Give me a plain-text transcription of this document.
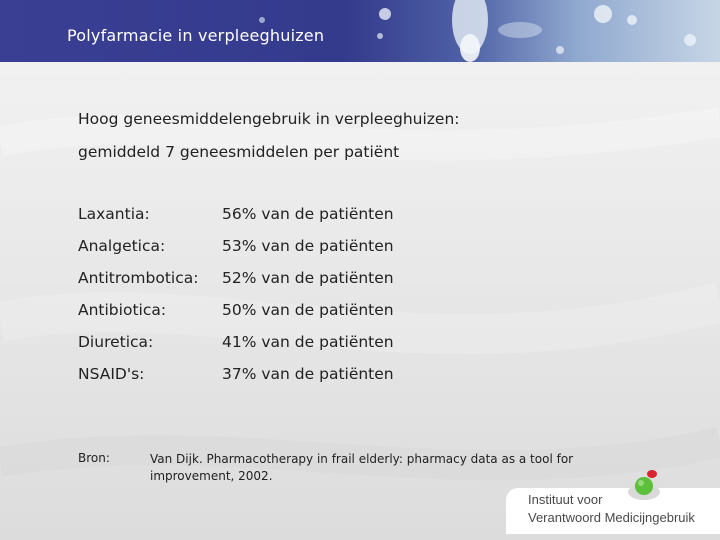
Polyfarmacie in verpleeghuizen
Hoog geneesmiddelengebruik in verpleeghuizen:
gemiddeld 7 geneesmiddelen per patiënt
Laxantia:	56% van de patiënten
Analgetica:	53% van de patiënten
Antitrombotica: 52% van de patiënten
Antibiotica:	50% van de patiënten
Diuretica:	41% van de patiënten
NSAID's:	37% van de patiënten
Bron:	Van Dijk. Pharmacotherapy in frail elderly: pharmacy data as a tool for improvement, 2002.
Instituut voor
Verantwoord Medicijngebruik
